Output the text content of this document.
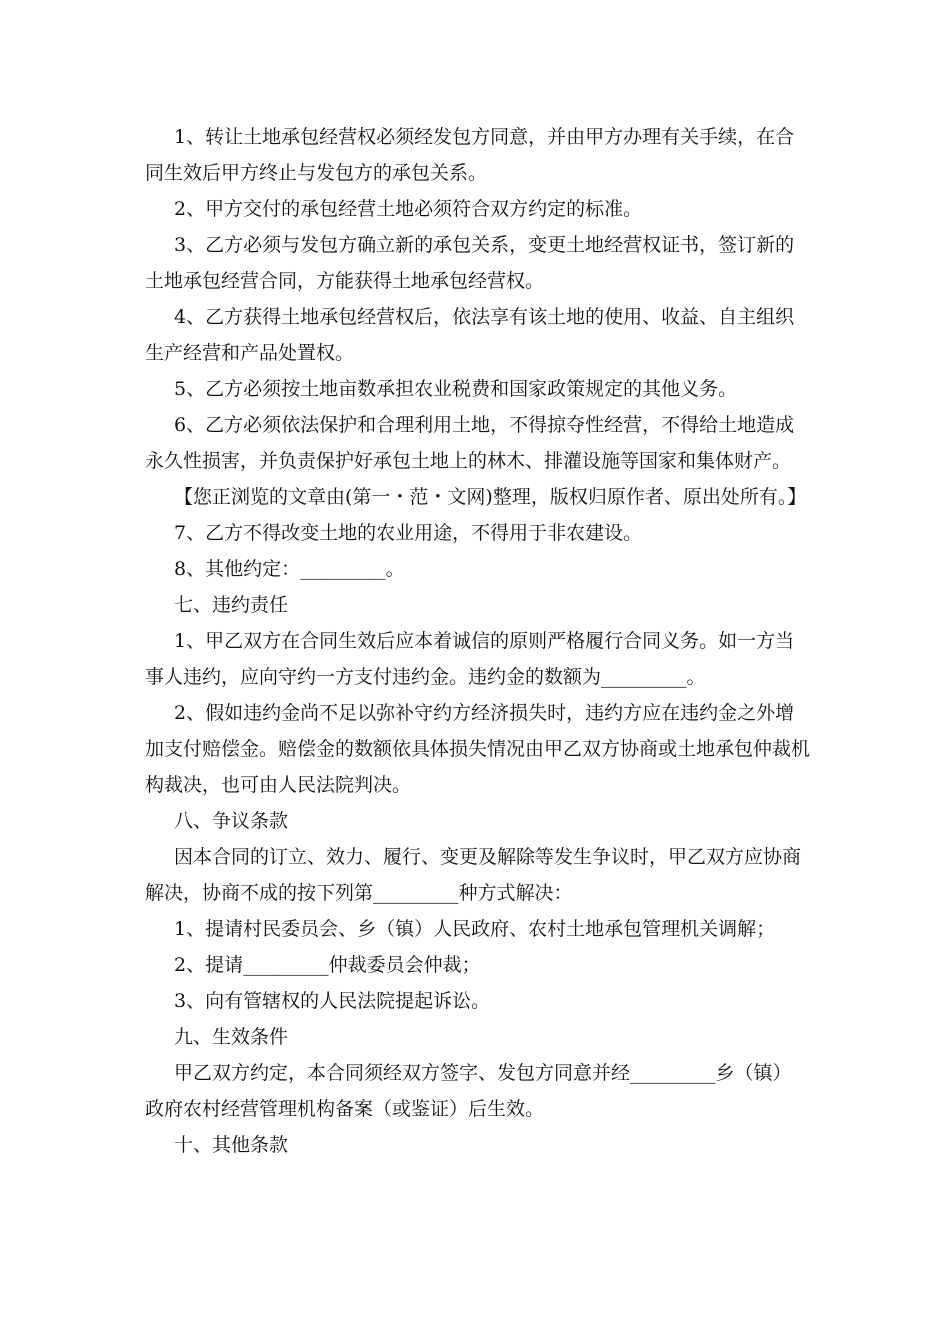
1、转让土地承包经营权必须经发包方同意，并由甲方办理有关手续，在合同生效后甲方终止与发包方的承包关系。

2、甲方交付的承包经营土地必须符合双方约定的标准。

3、乙方必须与发包方确立新的承包关系，变更土地经营权证书，签订新的土地承包经营合同，方能获得土地承包经营权。

4、乙方获得土地承包经营权后，依法享有该土地的使用、收益、自主组织生产经营和产品处置权。

5、乙方必须按土地亩数承担农业税费和国家政策规定的其他义务。

6、乙方必须依法保护和合理利用土地，不得掠夺性经营，不得给土地造成永久性损害，并负责保护好承包土地上的林木、排灌设施等国家和集体财产。

【您正浏览的文章由(第一・范・文网)整理，版权归原作者、原出处所有。】

7、乙方不得改变土地的农业用途，不得用于非农建设。

8、其他约定：_________。

七、违约责任

1、甲乙双方在合同生效后应本着诚信的原则严格履行合同义务。如一方当事人违约，应向守约一方支付违约金。违约金的数额为_________。

2、假如违约金尚不足以弥补守约方经济损失时，违约方应在违约金之外增加支付赔偿金。赔偿金的数额依具体损失情况由甲乙双方协商或土地承包仲裁机构裁决，也可由人民法院判决。

八、争议条款

因本合同的订立、效力、履行、变更及解除等发生争议时，甲乙双方应协商解决，协商不成的按下列第_________种方式解决：

1、提请村民委员会、乡（镇）人民政府、农村土地承包管理机关调解；

2、提请_________仲裁委员会仲裁；

3、向有管辖权的人民法院提起诉讼。

九、生效条件

甲乙双方约定，本合同须经双方签字、发包方同意并经_________乡（镇）政府农村经营管理机构备案（或鉴证）后生效。

十、其他条款
